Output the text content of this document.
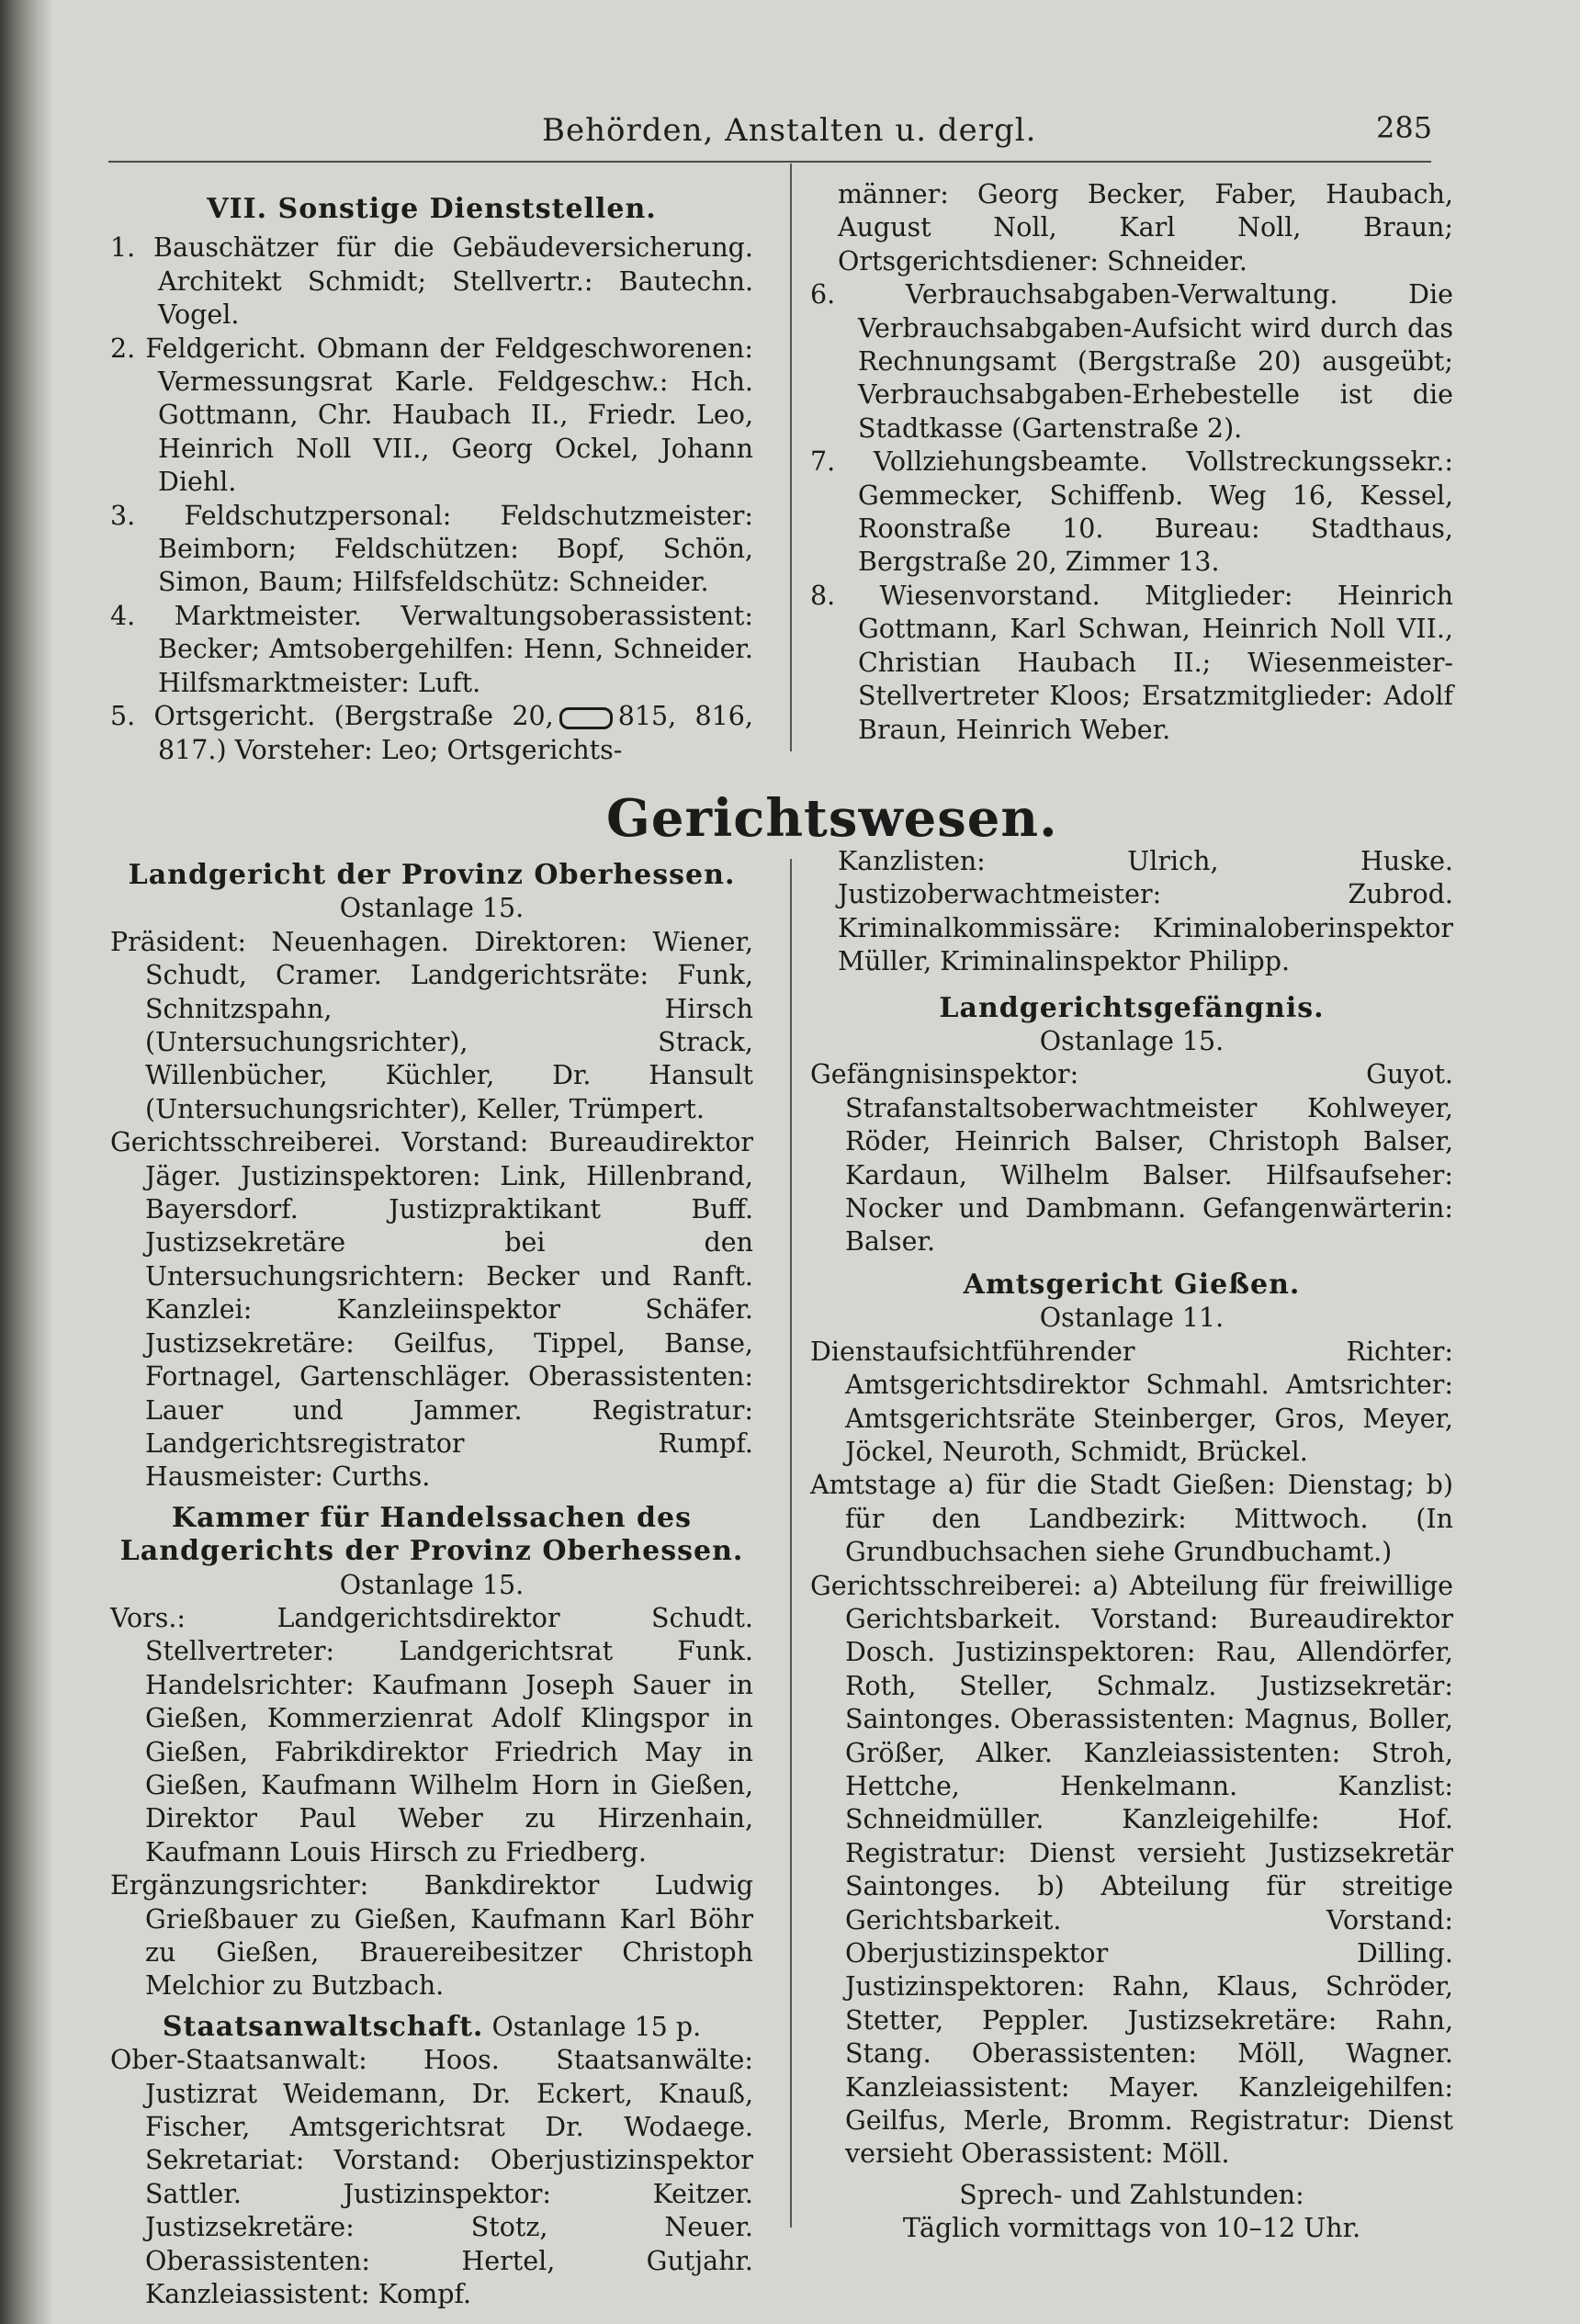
Behörden, Anstalten u. dergl.	285

VII. Sonstige Dienststellen.

1. Bauschätzer für die Gebäudeversicherung. Architekt Schmidt; Stellvertr.: Bautechn. Vogel.

2. Feldgericht. Obmann der Feldgeschworenen: Vermessungsrat Karle. Feldgeschw.: Hch. Gottmann, Chr. Haubach II., Friedr. Leo, Heinrich Noll VII., Georg Ockel, Johann Diehl.

3. Feldschutzpersonal: Feldschutzmeister: Beimborn; Feldschützen: Bopf, Schön, Simon, Baum; Hilfsfeldschütz: Schneider.

4. Marktmeister. Verwaltungsoberassistent: Becker; Amtsobergehilfen: Henn, Schneider. Hilfsmarktmeister: Luft.

5. Ortsgericht. (Bergstraße 20, 815, 816, 817.) Vorsteher: Leo; Ortsgerichts-

männer: Georg Becker, Faber, Haubach, August Noll, Karl Noll, Braun; Ortsgerichtsdiener: Schneider.

6. Verbrauchsabgaben-Verwaltung. Die Verbrauchsabgaben-Aufsicht wird durch das Rechnungsamt (Bergstraße 20) ausgeübt; Verbrauchsabgaben-Erhebestelle ist die Stadtkasse (Gartenstraße 2).

7. Vollziehungsbeamte. Vollstreckungssekr.: Gemmecker, Schiffenb. Weg 16, Kessel, Roonstraße 10. Bureau: Stadthaus, Bergstraße 20, Zimmer 13.

8. Wiesenvorstand. Mitglieder: Heinrich Gottmann, Karl Schwan, Heinrich Noll VII., Christian Haubach II.; Wiesenmeister-Stellvertreter Kloos; Ersatzmitglieder: Adolf Braun, Heinrich Weber.

Gerichtswesen.

Landgericht der Provinz Oberhessen.

Ostanlage 15.

Präsident: Neuenhagen. Direktoren: Wiener, Schudt, Cramer. Landgerichtsräte: Funk, Schnitzspahn, Hirsch (Untersuchungsrichter), Strack, Willenbücher, Küchler, Dr. Hansult (Untersuchungsrichter), Keller, Trümpert.

Gerichtsschreiberei. Vorstand: Bureaudirektor Jäger. Justizinspektoren: Link, Hillenbrand, Bayersdorf. Justizpraktikant Buff. Justizsekretäre bei den Untersuchungsrichtern: Becker und Ranft. Kanzlei: Kanzleiinspektor Schäfer. Justizsekretäre: Geilfus, Tippel, Banse, Fortnagel, Gartenschläger. Oberassistenten: Lauer und Jammer. Registratur: Landgerichtsregistrator Rumpf. Hausmeister: Curths.

Kammer für Handelssachen des

Landgerichts der Provinz Oberhessen.

Ostanlage 15.

Vors.: Landgerichtsdirektor Schudt. Stellvertreter: Landgerichtsrat Funk. Handelsrichter: Kaufmann Joseph Sauer in Gießen, Kommerzienrat Adolf Klingspor in Gießen, Fabrikdirektor Friedrich May in Gießen, Kaufmann Wilhelm Horn in Gießen, Direktor Paul Weber zu Hirzenhain, Kaufmann Louis Hirsch zu Friedberg.

Ergänzungsrichter: Bankdirektor Ludwig Grießbauer zu Gießen, Kaufmann Karl Böhr zu Gießen, Brauereibesitzer Christoph Melchior zu Butzbach.

Staatsanwaltschaft. Ostanlage 15 p.

Ober-Staatsanwalt: Hoos. Staatsanwälte: Justizrat Weidemann, Dr. Eckert, Knauß, Fischer, Amtsgerichtsrat Dr. Wodaege. Sekretariat: Vorstand: Oberjustizinspektor Sattler. Justizinspektor: Keitzer. Justizsekretäre: Stotz, Neuer. Oberassistenten: Hertel, Gutjahr. Kanzleiassistent: Kompf.

Kanzlisten: Ulrich, Huske. Justizoberwachtmeister: Zubrod. Kriminalkommissäre: Kriminaloberinspektor Müller, Kriminalinspektor Philipp.

Landgerichtsgefängnis.

Ostanlage 15.

Gefängnisinspektor: Guyot. Strafanstaltsoberwachtmeister Kohlweyer, Röder, Heinrich Balser, Christoph Balser, Kardaun, Wilhelm Balser. Hilfsaufseher: Nocker und Dambmann. Gefangenwärterin: Balser.

Amtsgericht Gießen.

Ostanlage 11.

Dienstaufsichtführender Richter: Amtsgerichtsdirektor Schmahl. Amtsrichter: Amtsgerichtsräte Steinberger, Gros, Meyer, Jöckel, Neuroth, Schmidt, Brückel.

Amtstage a) für die Stadt Gießen: Dienstag; b) für den Landbezirk: Mittwoch. (In Grundbuchsachen siehe Grundbuchamt.)

Gerichtsschreiberei: a) Abteilung für freiwillige Gerichtsbarkeit. Vorstand: Bureaudirektor Dosch. Justizinspektoren: Rau, Allendörfer, Roth, Steller, Schmalz. Justizsekretär: Saintonges. Oberassistenten: Magnus, Boller, Größer, Alker. Kanzleiassistenten: Stroh, Hettche, Henkelmann. Kanzlist: Schneidmüller. Kanzleigehilfe: Hof. Registratur: Dienst versieht Justizsekretär Saintonges. b) Abteilung für streitige Gerichtsbarkeit. Vorstand: Oberjustizinspektor Dilling. Justizinspektoren: Rahn, Klaus, Schröder, Stetter, Peppler. Justizsekretäre: Rahn, Stang. Oberassistenten: Möll, Wagner. Kanzleiassistent: Mayer. Kanzleigehilfen: Geilfus, Merle, Bromm. Registratur: Dienst versieht Oberassistent: Möll.

Sprech- und Zahlstunden:

Täglich vormittags von 10–12 Uhr.
